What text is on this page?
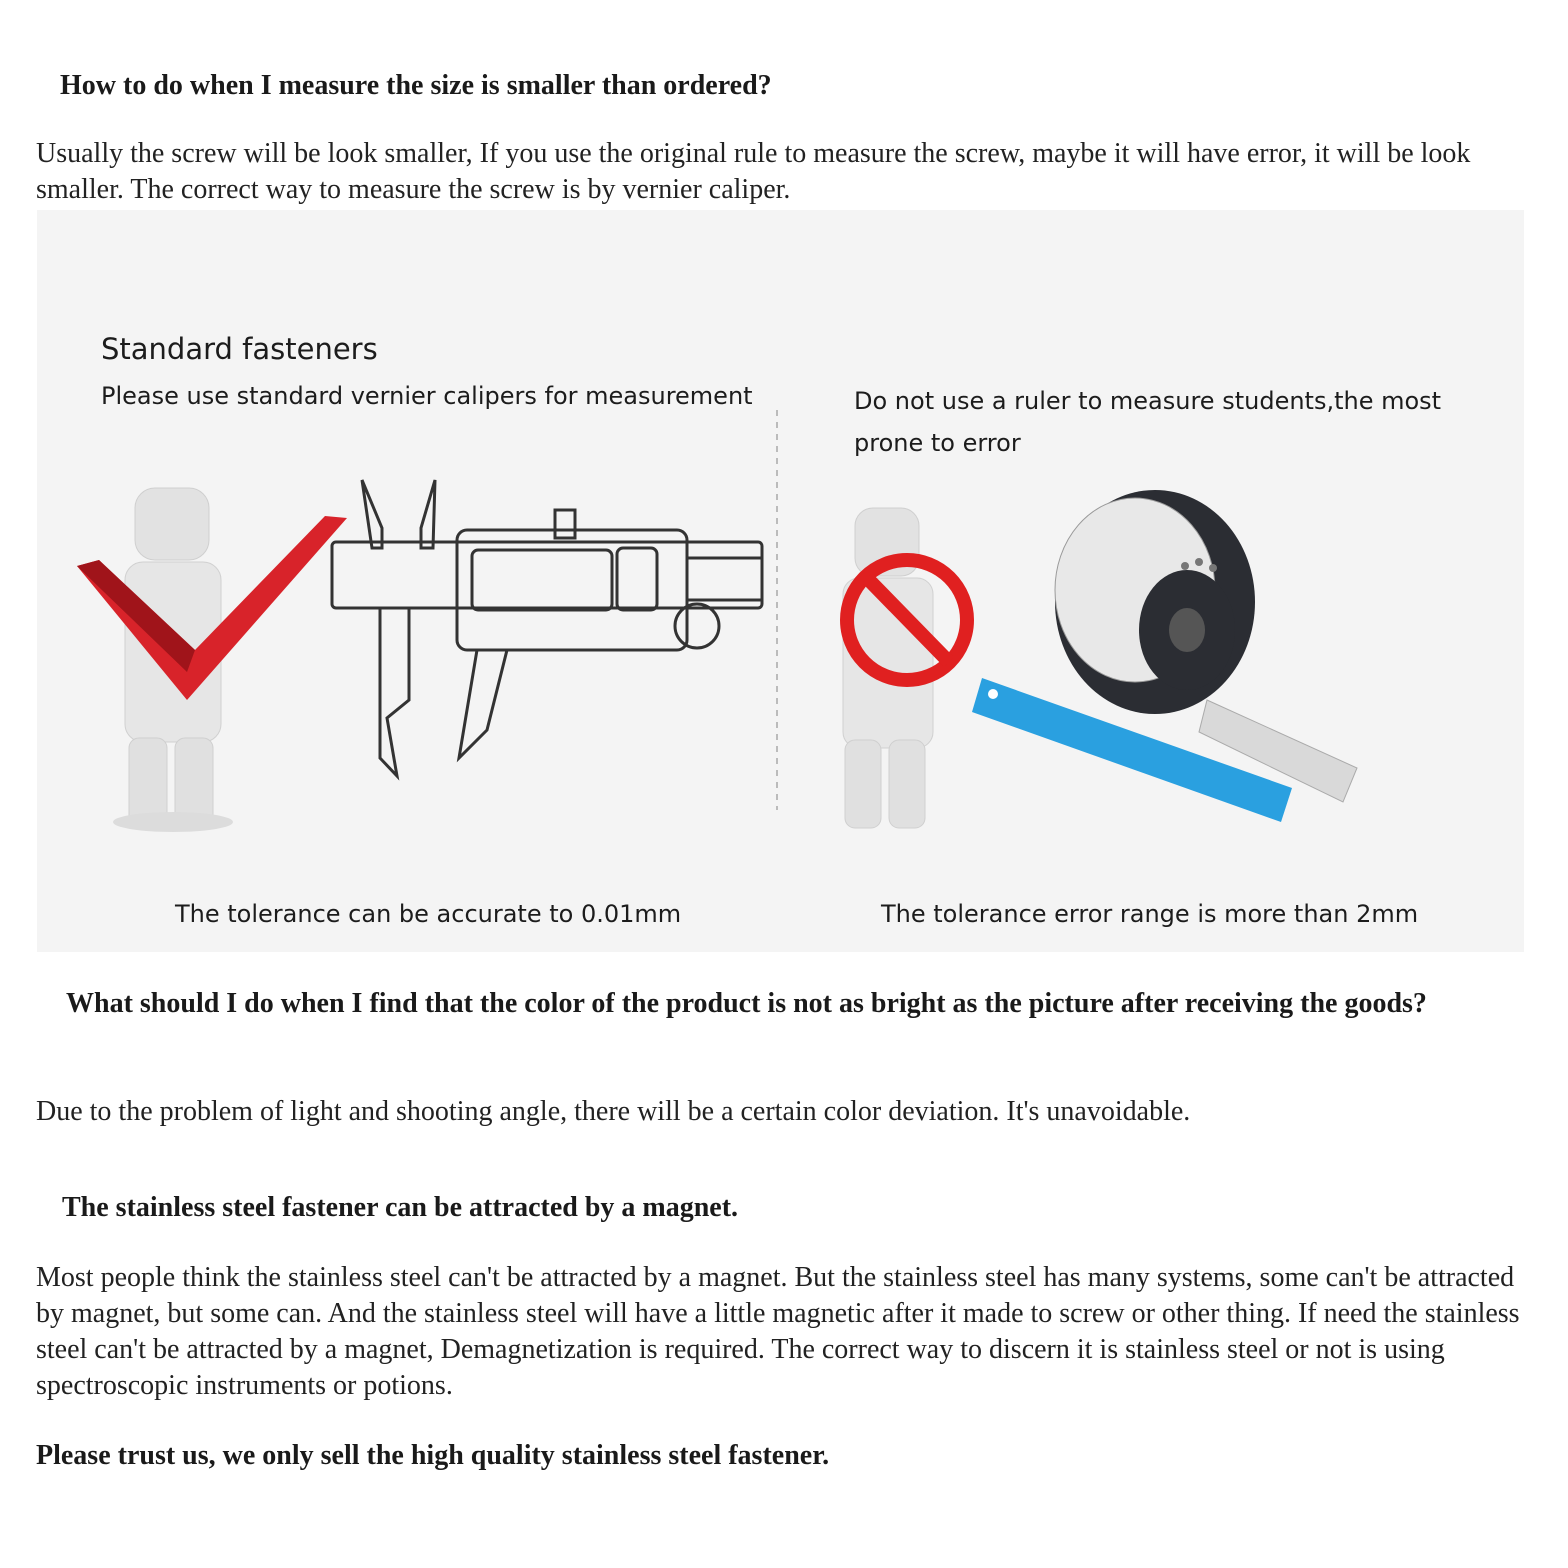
How to do when I measure the size is smaller than ordered?

Usually the screw will be look smaller, If you use the original rule to measure the screw, maybe it will have error, it will be look smaller. The correct way to measure the screw is by vernier caliper.

Standard fasteners

Please use standard vernier calipers for measurement	Do not use a ruler to measure students,the most prone to error

The tolerance can be accurate to 0.01mm	The tolerance error range is more than 2mm

What should I do when I find that the color of the product is not as bright as the picture after receiving the goods?

Due to the problem of light and shooting angle, there will be a certain color deviation. It's unavoidable.

The stainless steel fastener can be attracted by a magnet.

Most people think the stainless steel can't be attracted by a magnet. But the stainless steel has many systems, some can't be attracted by magnet, but some can. And the stainless steel will have a little magnetic after it made to screw or other thing. If need the stainless steel can't be attracted by a magnet, Demagnetization is required. The correct way to discern it is stainless steel or not is using spectroscopic instruments or potions.

Please trust us, we only sell the high quality stainless steel fastener.
